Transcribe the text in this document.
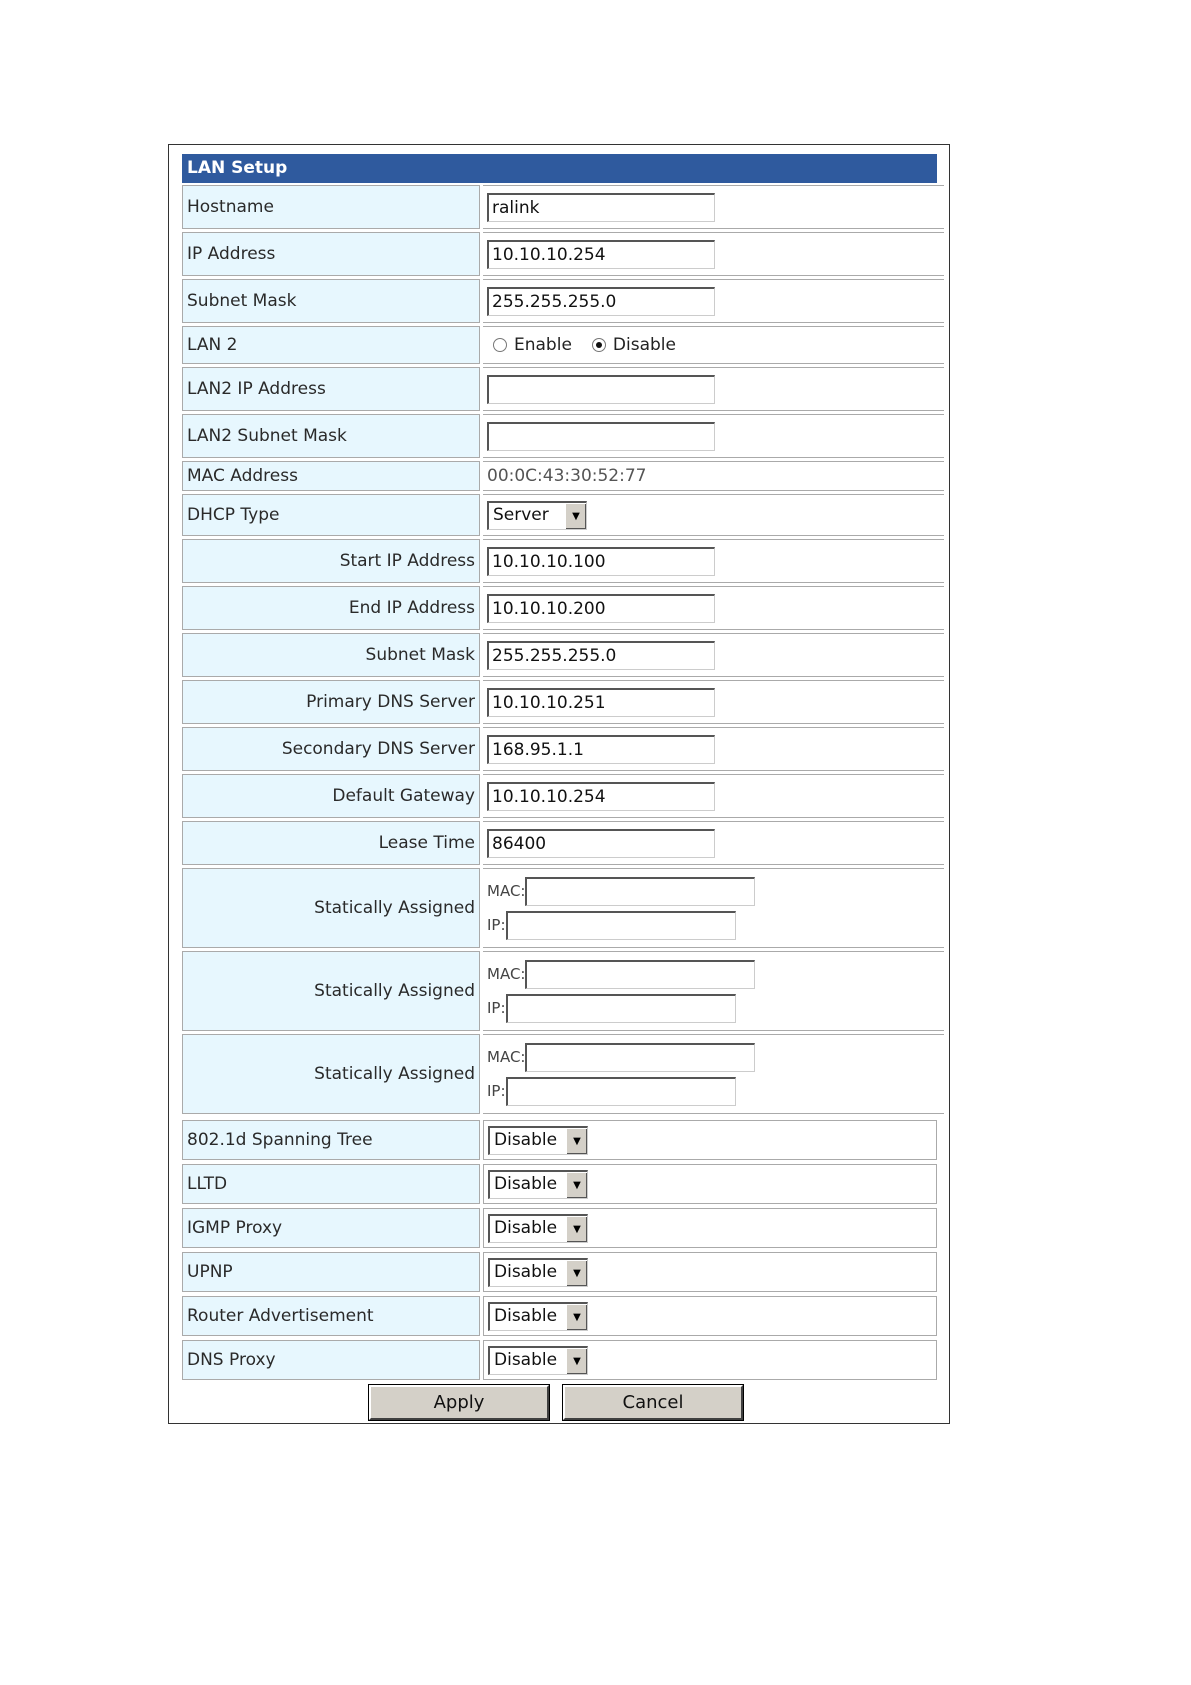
LAN Setup
Hostname	ralink
IP Address	10.10.10.254
Subnet Mask	255.255.255.0
LAN 2	Enable Disable
LAN2 IP Address
LAN2 Subnet Mask
MAC Address	00:0C:43:30:52:77
DHCP Type	Server	▼
Start IP Address 10.10.10.100
End IP Address 10.10.10.200
Subnet Mask 255.255.255.0
Primary DNS Server 10.10.10.251
Secondary DNS Server 168.95.1.1
Default Gateway 10.10.10.254
Lease Time 86400
Statically Assigned
MAC:
IP:
Statically Assigned
MAC:
IP:
Statically Assigned
MAC:
IP:
802.1d Spanning Tree	Disable	▼
LLTD	Disable	▼
IGMP Proxy	Disable	▼
UPNP	Disable	▼
Router Advertisement	Disable	▼
DNS Proxy	Disable	▼
Apply	Cancel
